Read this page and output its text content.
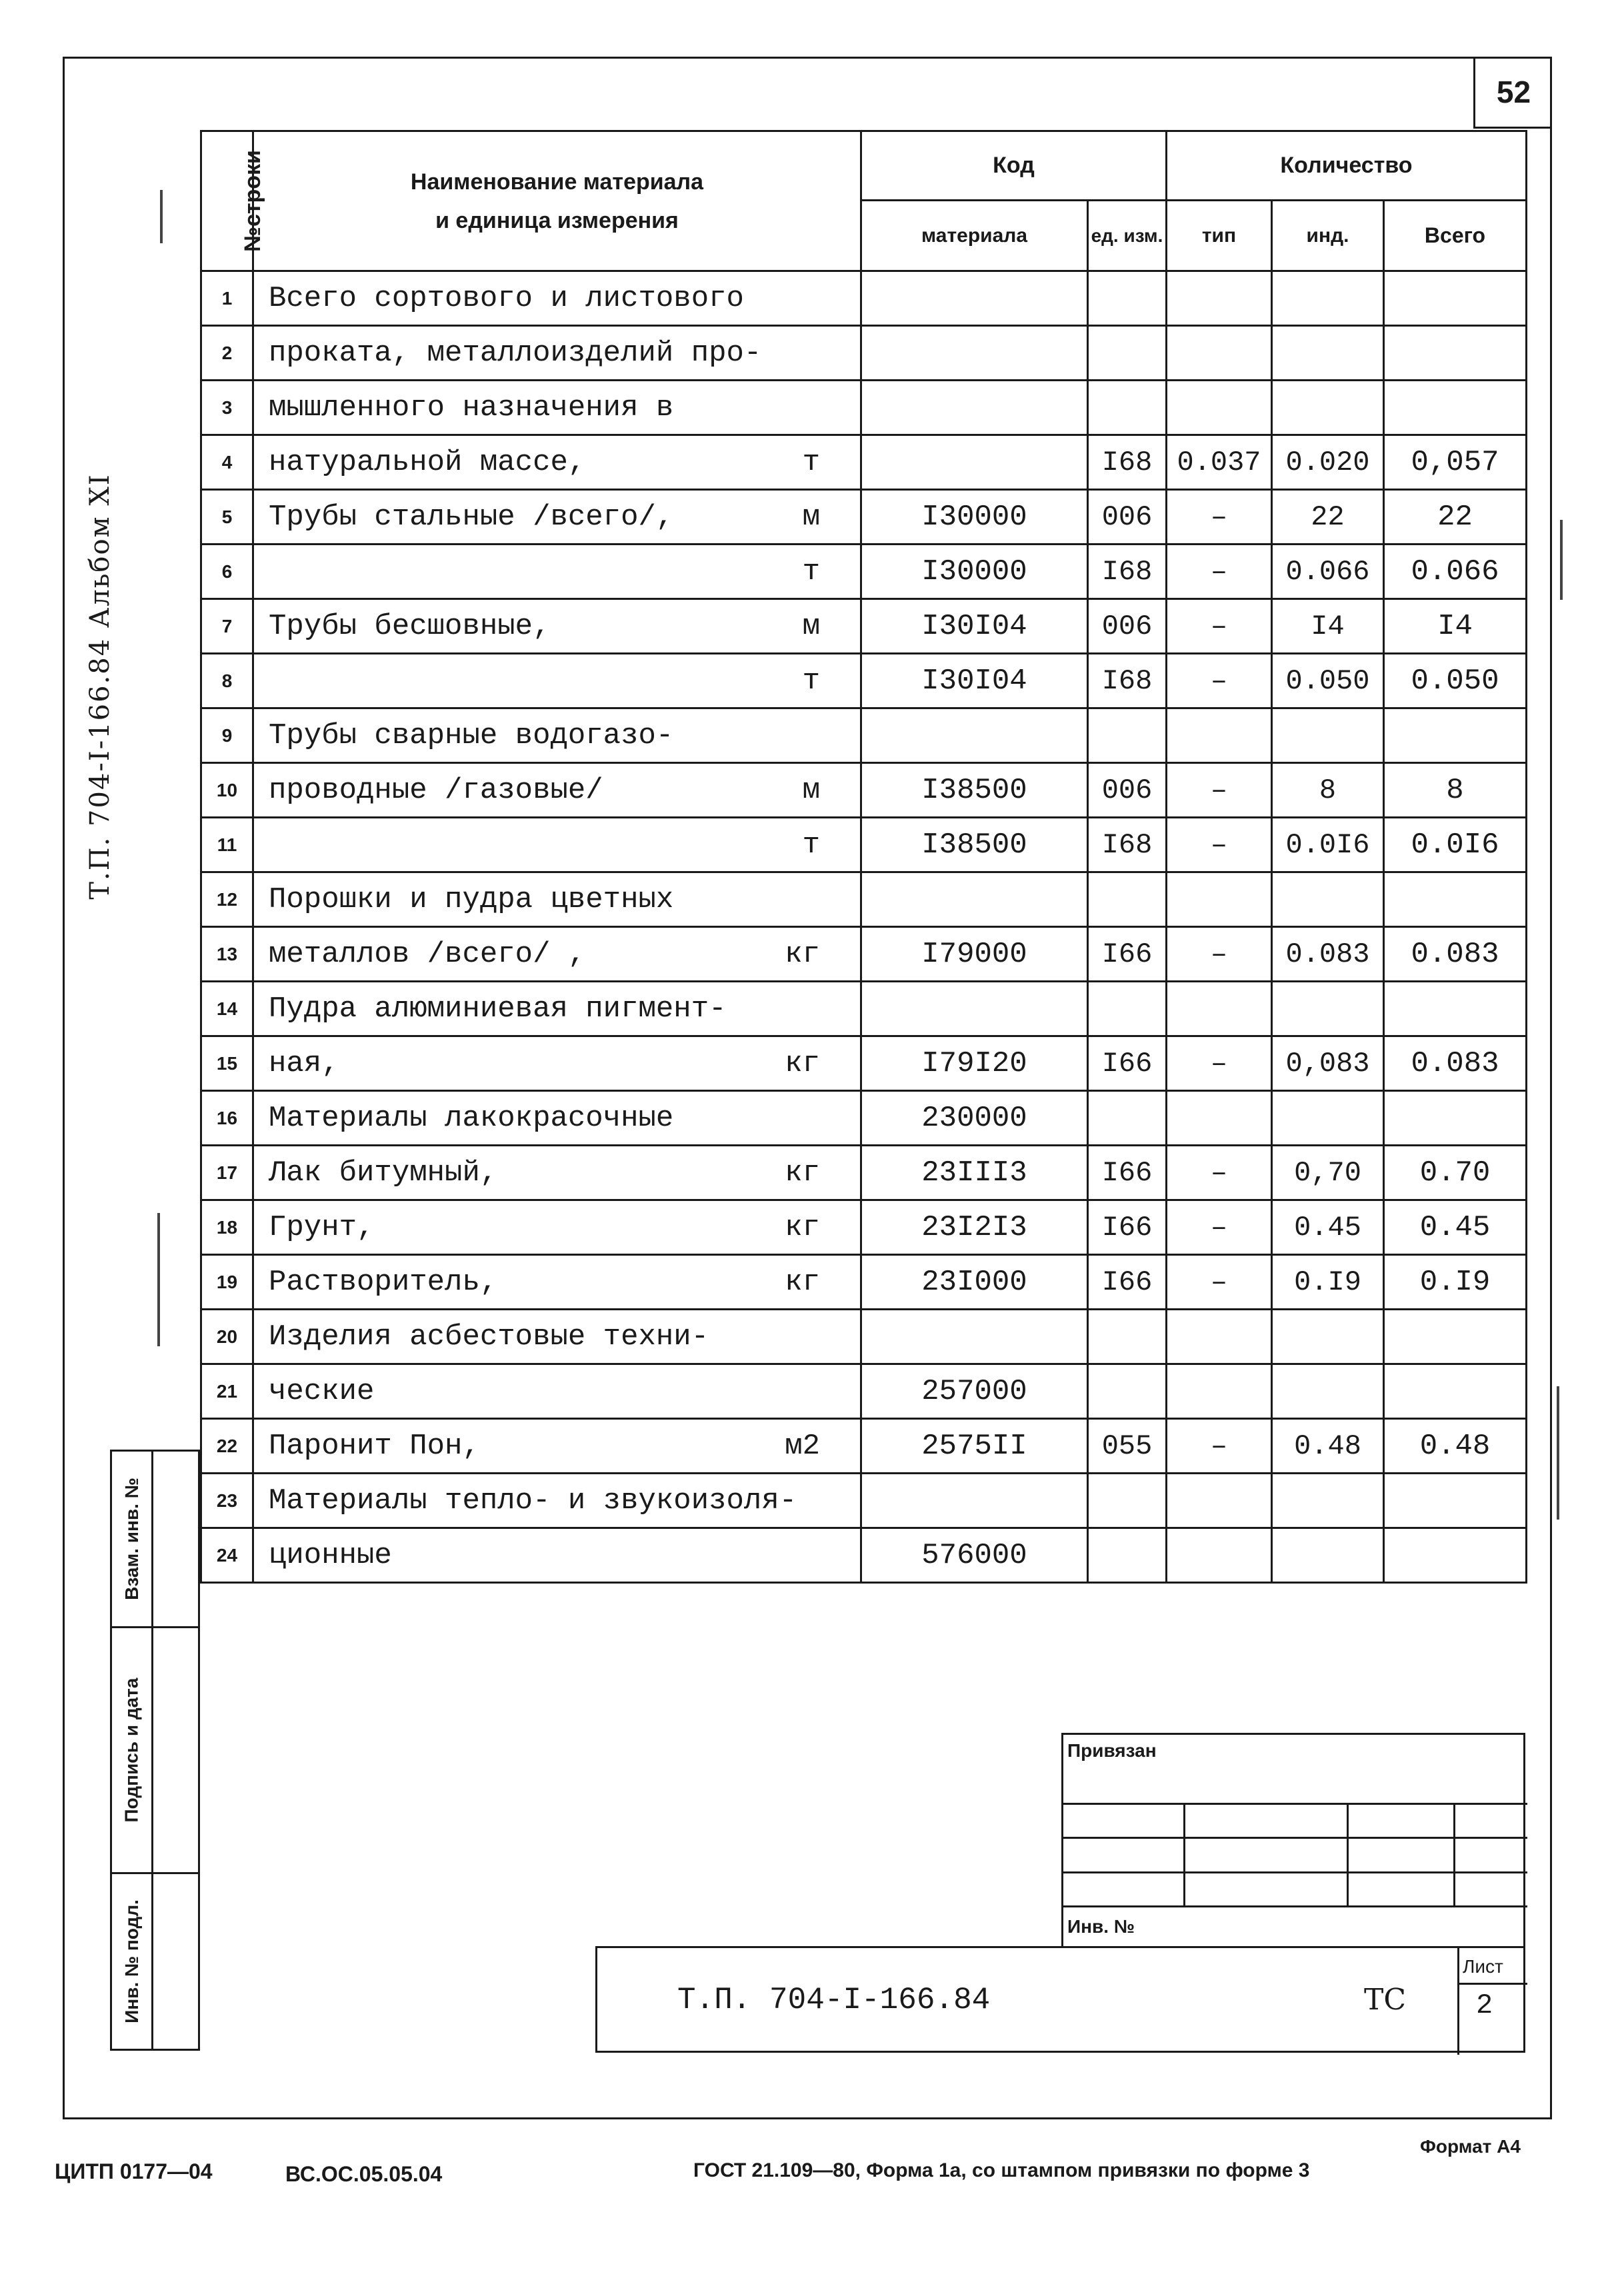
52
Т.П. 704-I-166.84 Альбом XI
№строки	Наименование материала
и единица измерения	Код		Количество		
		материала	ед. изм.	тип	инд.	Всего
1	Всего сортового и листового

2	проката, металлоизделий про-

3	мышленного назначения в

4	натуральной массе, т		I68	0.037	0.020	0,057
5	Трубы стальные /всего/, м	I30000	006	–	22	22
6	т	I30000	I68	–	0.066	0.066
7	Трубы бесшовные, м	I30I04	006	–	I4	I4
8	т	I30I04	I68	–	0.050	0.050
9	Трубы сварные водогазо-

10	проводные /газовые/ м	I38500	006	–	8	8
11	т	I38500	I68	–	0.0I6	0.0I6
12	Порошки и пудра цветных

13	металлов /всего/ , кг	I79000	I66	–	0.083	0.083
14	Пудра алюминиевая пигмент-

15	ная, кг	I79I20	I66	–	0,083	0.083
16	Материалы лакокрасочные	230000				
17	Лак битумный, кг	23III3	I66	–	0,70	0.70
18	Грунт, кг	23I2I3	I66	–	0.45	0.45
19	Растворитель, кг	23I000	I66	–	0.I9	0.I9
20	Изделия асбестовые техни-

21	ческие	257000				
22	Паронит Пон, м2	2575II	055	–	0.48	0.48
23	Материалы тепло- и звукоизоля-

24	ционные	576000				
Взам. инв. №
Подпись и дата
Инв. № подл.
Привязан
Инв. №
Т.П. 704-I-166.84	ТС
Лист
2
Формат А4
ЦИТП 0177—04	ВС.ОС.05.05.04	ГОСТ 21.109—80, Форма 1а, со штампом привязки по форме 3
